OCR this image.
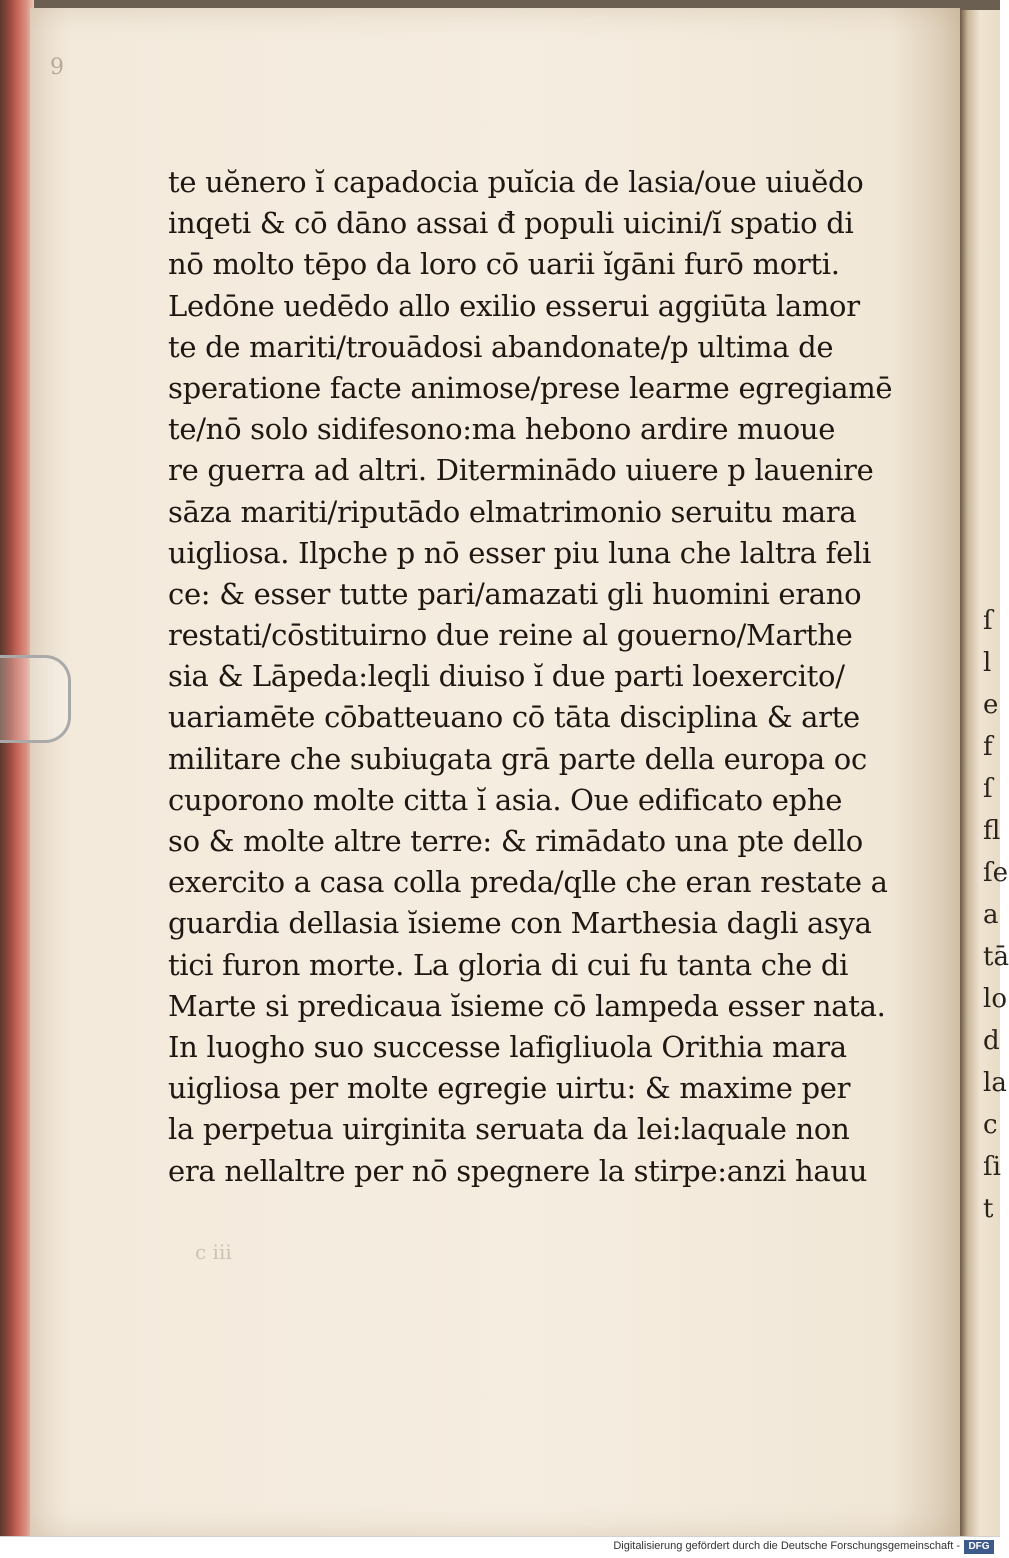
ſ
l
e
f
ſ
fl
ſe
a
tā
lo
d
la
c
ſi
t
9
te uĕnero ĭ capadocia puĭcia de lasia/oue uiuĕdo
inqeti & cō dāno assai đ populi uicini/ĭ spatio di
nō molto tēpo da loro cō uarii ĭgāni furō morti.
Ledōne uedēdo allo exilio esserui aggiūta lamor
te de mariti/trouādosi abandonate/p ultima de
speratione facte animose/prese learme egregiamē
te/nō solo sidifesono:ma hebono ardire muoue
re guerra ad altri. Diterminādo uiuere p lauenire
sāza mariti/riputādo elmatrimonio seruitu mara
uigliosa. Ilpche p nō esser piu luna che laltra feli
ce: & esser tutte pari/amazati gli huomini erano
restati/cōstituirno due reine al gouerno/Marthe
sia & Lāpeda:leqli diuiso ĭ due parti loexercito/
uariamēte cōbatteuano cō tāta disciplina & arte
militare che subiugata grā parte della europa oc
cuporono molte citta ĭ asia. Oue edificato ephe
so & molte altre terre: & rimādato una pte dello
exercito a casa colla preda/qlle che eran restate a
guardia dellasia ĭsieme con Marthesia dagli asya
tici furon morte. La gloria di cui fu tanta che di
Marte si predicaua ĭsieme cō lampeda esser nata.
In luogho suo successe lafigliuola Orithia mara
uigliosa per molte egregie uirtu: & maxime per
la perpetua uirginita seruata da lei:laquale non
era nellaltre per nō spegnere la stirpe:anzi hauu
c iii
Digitalisierung gefördert durch die Deutsche Forschungsgemeinschaft - DFG
